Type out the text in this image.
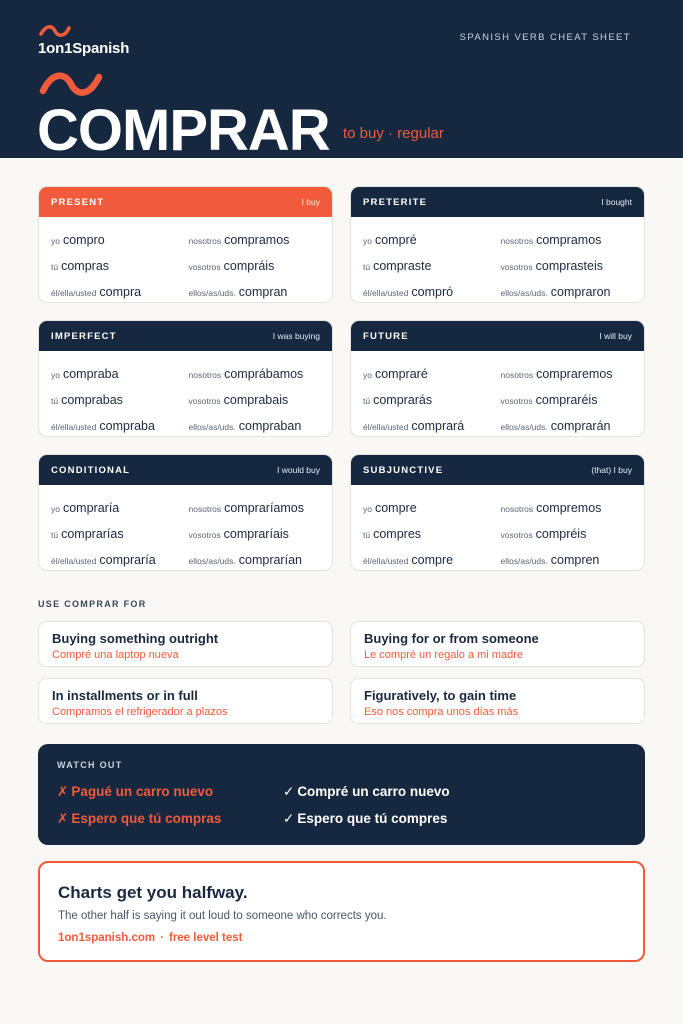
1on1Spanish
SPANISH VERB CHEAT SHEET
COMPRAR to buy · regular
PRESENT	I buy
yo compro	nosotros compramos
tú compras	vosotros compráis
él/ella/usted compra	ellos/as/uds. compran
PRETERITE	I bought
yo compré	nosotros compramos
tú compraste	vosotros comprasteis
él/ella/usted compró	ellos/as/uds. compraron
IMPERFECT	I was buying
yo compraba	nosotros comprábamos
tú comprabas	vosotros comprabais
él/ella/usted compraba	ellos/as/uds. compraban
FUTURE	I will buy
yo compraré	nosotros compraremos
tú comprarás	vosotros compraréis
él/ella/usted comprará	ellos/as/uds. comprarán
CONDITIONAL	I would buy
yo compraría	nosotros compraríamos
tú comprarías	vosotros compraríais
él/ella/usted compraría	ellos/as/uds. comprarían
SUBJUNCTIVE	(that) I buy
yo compre	nosotros compremos
tú compres	vosotros compréis
él/ella/usted compre	ellos/as/uds. compren
USE COMPRAR FOR
Buying something outright
Compré una laptop nueva
Buying for or from someone
Le compré un regalo a mi madre
In installments or in full
Compramos el refrigerador a plazos
Figuratively, to gain time
Eso nos compra unos días más
WATCH OUT
✗ Pagué un carro nuevo	✓ Compré un carro nuevo
✗ Espero que tú compras	✓ Espero que tú compres
Charts get you halfway.
The other half is saying it out loud to someone who corrects you.
1on1spanish.com · free level test
